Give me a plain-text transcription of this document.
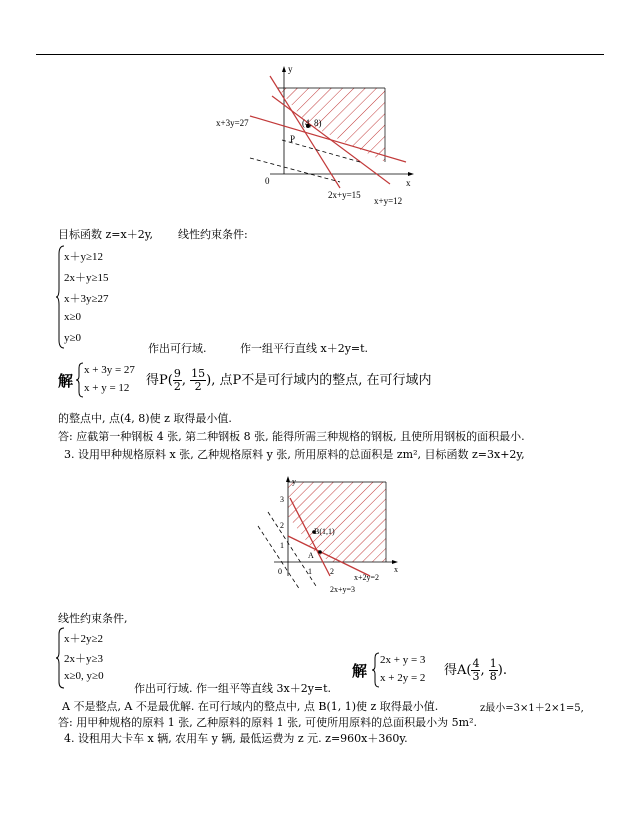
y
x
0
x+3y=27	(4, 8)
P
2x+y=15
x+y=12
目标函数 z=x＋2y, 线性约束条件:
x＋y≥12
2x＋y≥15
x＋3y≥27
x≥0
y≥0
作出可行域.	作一组平行直线 x＋2y=t.
解
x + 3y = 27
x + y = 12 得$P( \frac{9}{2}$ , $\frac{15}{2}$ ), 点P不是可行域内的整点, 在可行域内
的整点中, 点(4, 8)使 z 取得最小值.
答: 应截第一种钢板 4 张, 第二种钢板 8 张, 能得所需三种规格的钢板, 且使所用钢板的面积最小.
3. 设用甲种规格原料 x 张, 乙种规格原料 y 张, 所用原料的总面积是 zm², 目标函数 z=3x+2y,
y
x
0
3
2
1
1 2
B(1,1)
A
x+2y=2
2x+y=3
线性约束条件,
x＋2y≥2
2x＋y≥3
x≥0, y≥0
作出可行域. 作一组平等直线 3x＋2y=t.
解
2x + y = 3
x + 2y = 2 得$A( \frac{4}{3}$ , $\frac{1}{8}$ ).
A 不是整点, A 不是最优解. 在可行域内的整点中, 点 B(1, 1)使 z 取得最小值.	z最小=3×1＋2×1=5,
答: 用甲种规格的原料 1 张, 乙种原料的原料 1 张, 可使所用原料的总面积最小为 5m².
4. 设租用大卡车 x 辆, 农用车 y 辆, 最低运费为 z 元. z=960x＋360y.
